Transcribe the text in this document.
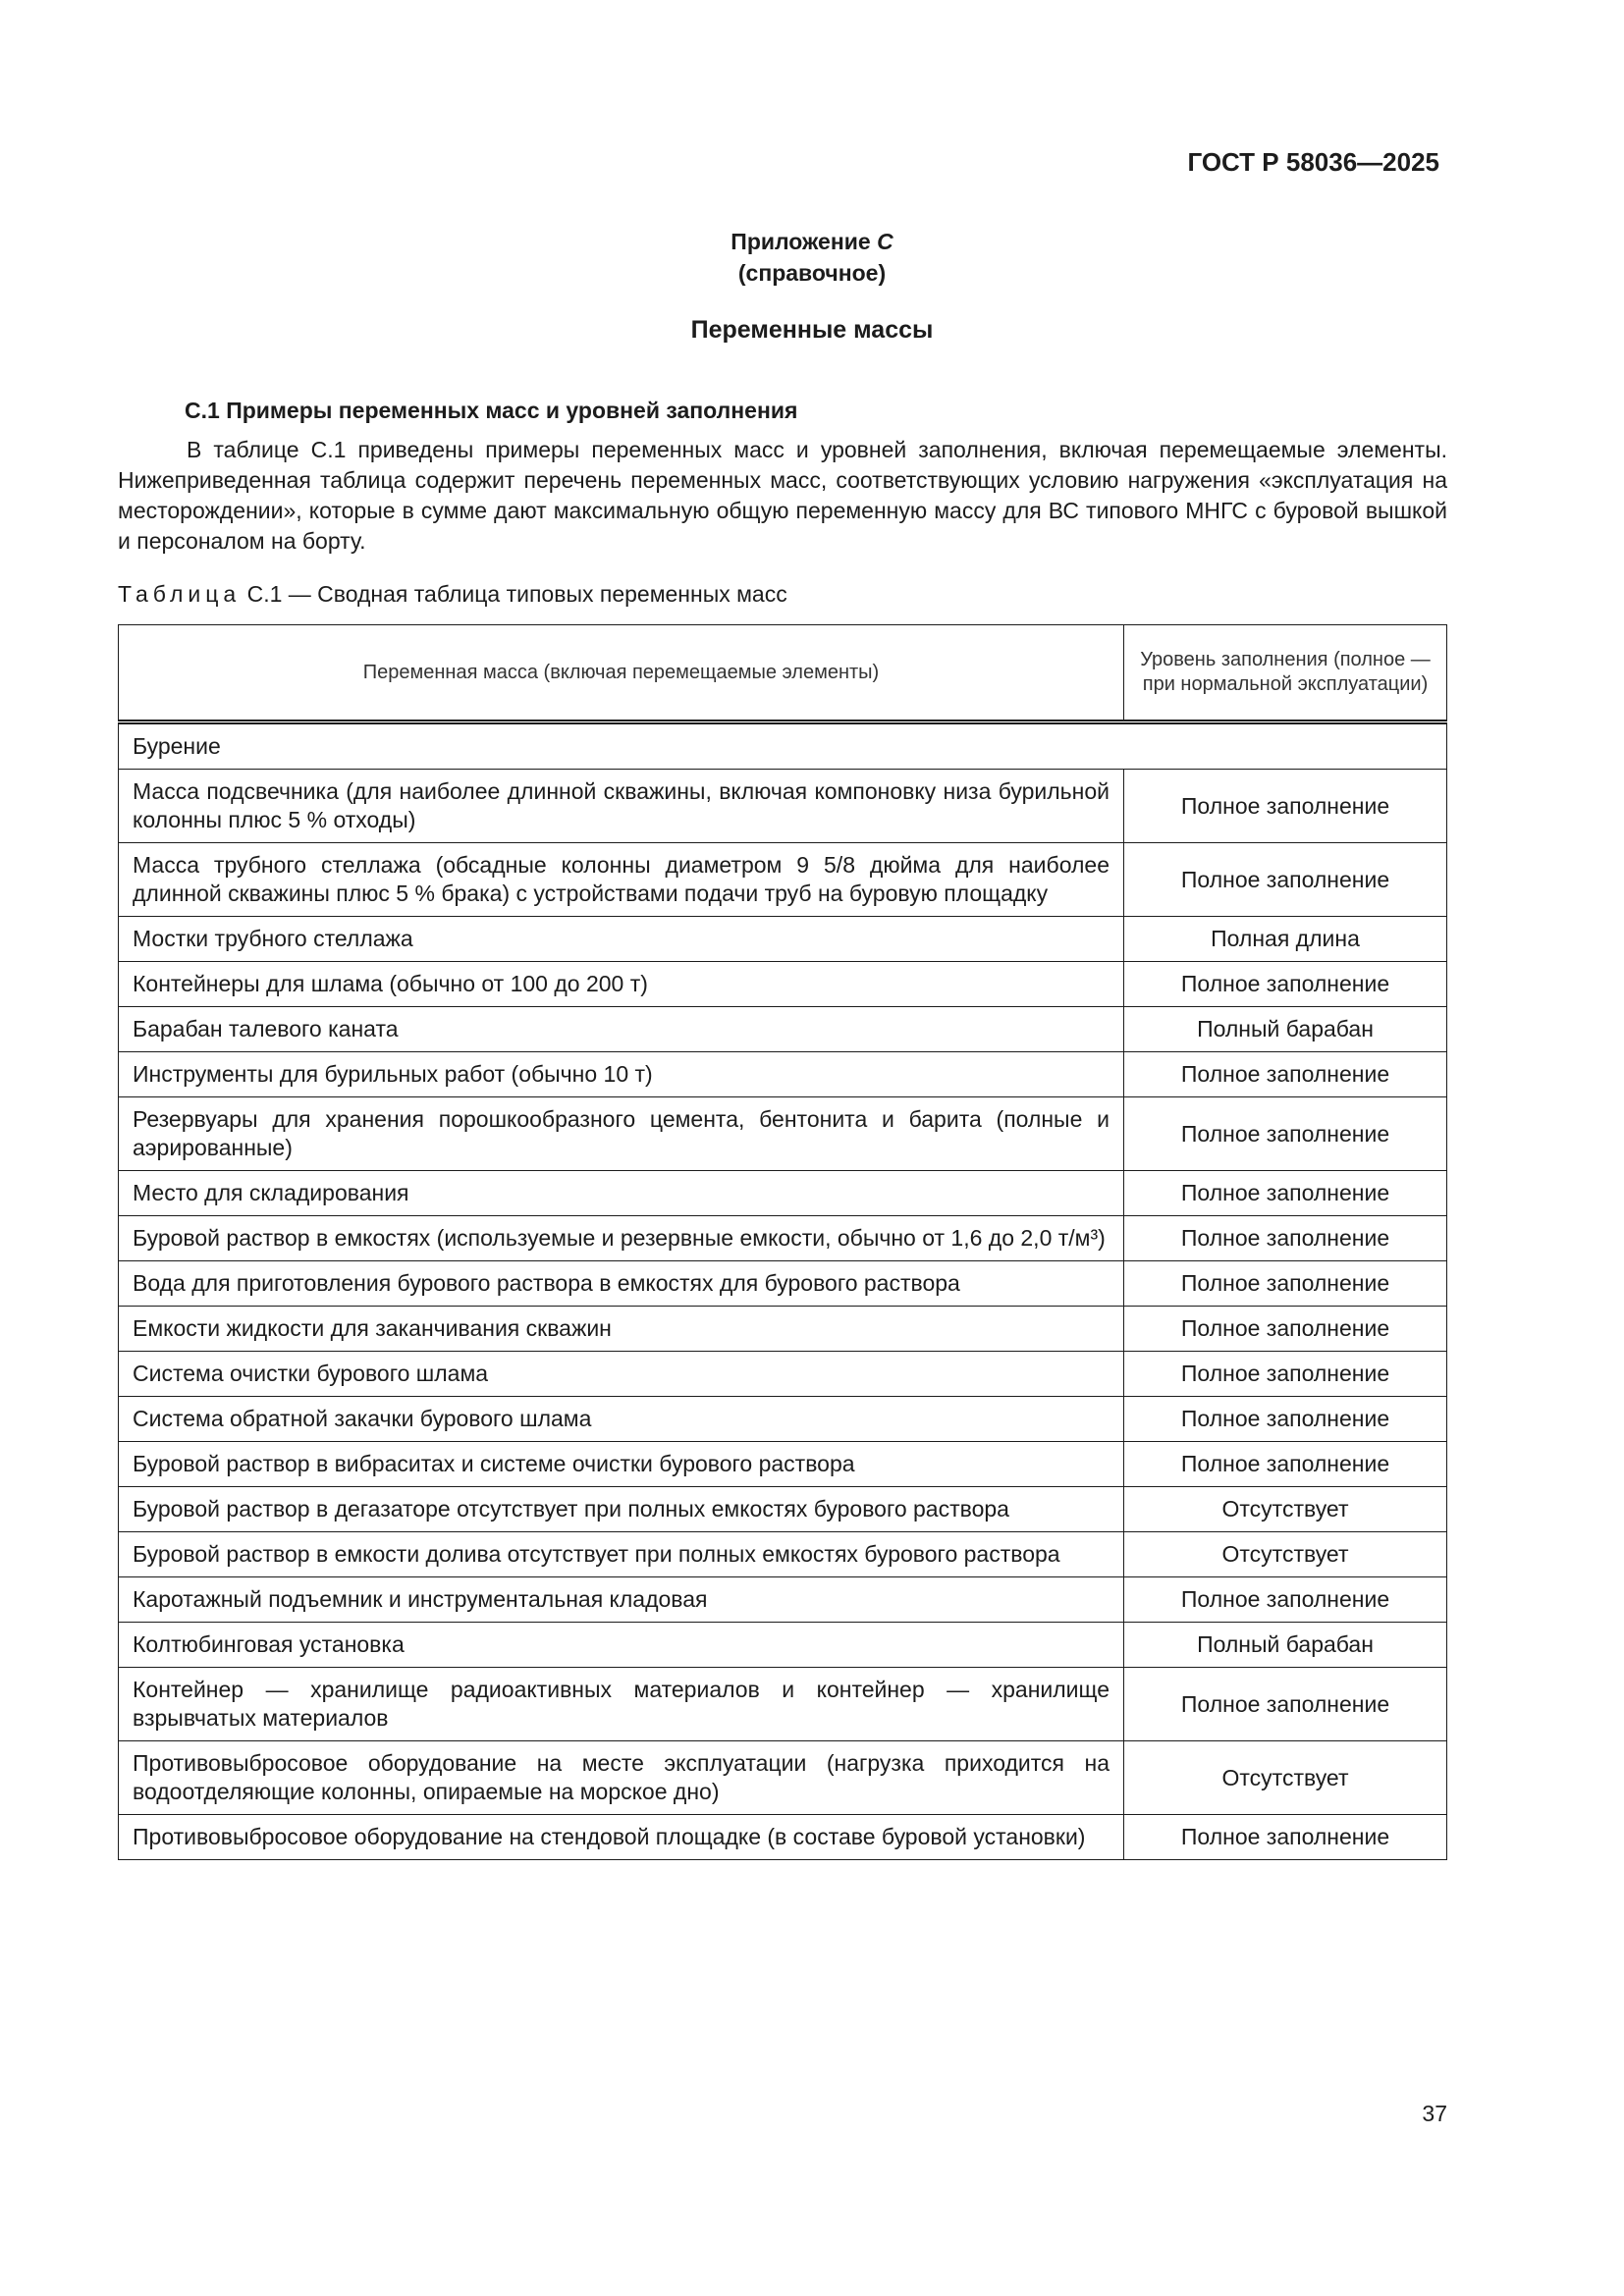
ГОСТ Р 58036—2025
Приложение С
(справочное)
Переменные массы
С.1 Примеры переменных масс и уровней заполнения

В таблице С.1 приведены примеры переменных масс и уровней заполнения, включая перемещаемые элементы. Нижеприведенная таблица содержит перечень переменных масс, соответствующих условию нагружения «эксплуатация на месторождении», которые в сумме дают максимальную общую переменную массу для ВС типового МНГС с буровой вышкой и персоналом на борту.

Таблица С.1 — Сводная таблица типовых переменных масс
Переменная масса (включая перемещаемые элементы)	Уровень заполнения (полное — при нормальной эксплуатации)
Бурение	
Масса подсвечника (для наиболее длинной скважины, включая компоновку низа бурильной колонны плюс 5 % отходы)	Полное заполнение
Масса трубного стеллажа (обсадные колонны диаметром 9 5/8 дюйма для наиболее длинной скважины плюс 5 % брака) с устройствами подачи труб на буровую площадку	Полное заполнение
Мостки трубного стеллажа	Полная длина
Контейнеры для шлама (обычно от 100 до 200 т)	Полное заполнение
Барабан талевого каната	Полный барабан
Инструменты для бурильных работ (обычно 10 т)	Полное заполнение
Резервуары для хранения порошкообразного цемента, бентонита и барита (полные и аэрированные)	Полное заполнение
Место для складирования	Полное заполнение
Буровой раствор в емкостях (используемые и резервные емкости, обычно от 1,6 до 2,0 т/м³)	Полное заполнение
Вода для приготовления бурового раствора в емкостях для бурового раствора	Полное заполнение
Емкости жидкости для заканчивания скважин	Полное заполнение
Система очистки бурового шлама	Полное заполнение
Система обратной закачки бурового шлама	Полное заполнение
Буровой раствор в вибраситах и системе очистки бурового раствора	Полное заполнение
Буровой раствор в дегазаторе отсутствует при полных емкостях бурового раствора	Отсутствует
Буровой раствор в емкости долива отсутствует при полных емкостях бурового раствора	Отсутствует
Каротажный подъемник и инструментальная кладовая	Полное заполнение
Колтюбинговая установка	Полный барабан
Контейнер — хранилище радиоактивных материалов и контейнер — хранилище взрывчатых материалов	Полное заполнение
Противовыбросовое оборудование на месте эксплуатации (нагрузка приходится на водоотделяющие колонны, опираемые на морское дно)	Отсутствует
Противовыбросовое оборудование на стендовой площадке (в составе буровой установки)	Полное заполнение
37
